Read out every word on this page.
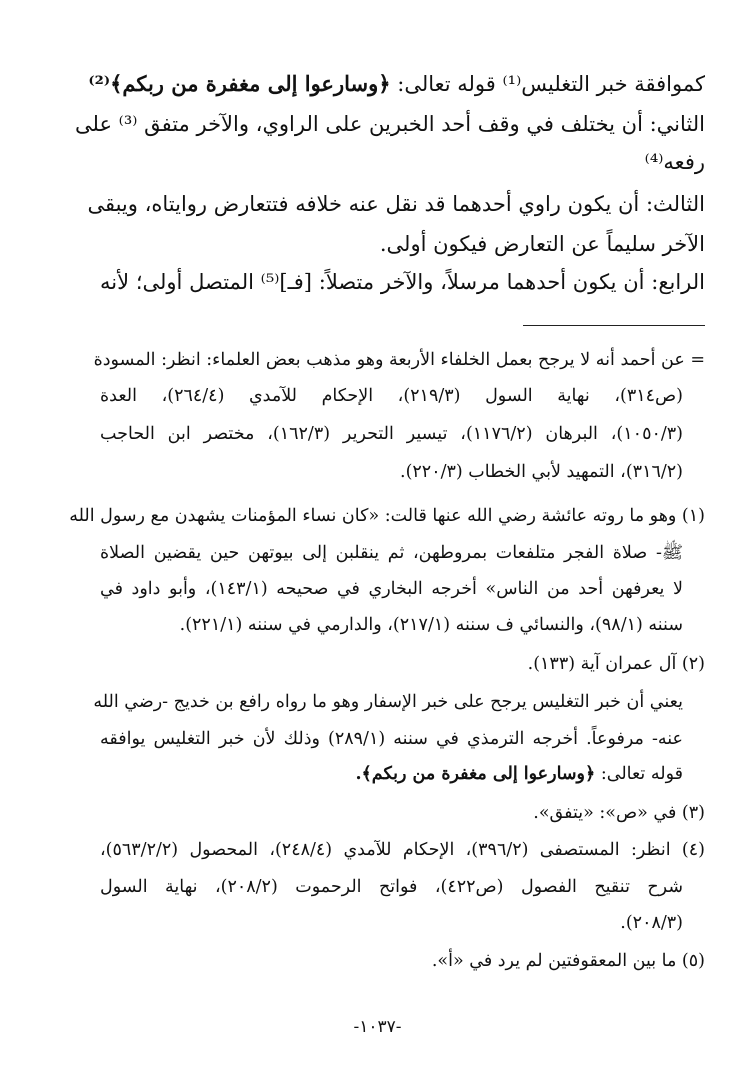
كموافقة خبر التغليس⁽¹⁾ قوله تعالى: ﴿وسارعوا إلى مغفرة من ربكم﴾⁽²⁾
الثاني: أن يختلف في وقف أحد الخبرين على الراوي، والآخر متفق ⁽³⁾ على
رفعه⁽⁴⁾
الثالث: أن يكون راوي أحدهما قد نقل عنه خلافه فتتعارض روايتاه، ويبقى
الآخر سليماً عن التعارض فيكون أولى.
الرابع: أن يكون أحدهما مرسلاً، والآخر متصلاً: [فـ]⁽⁵⁾ المتصل أولى؛ لأنه
= عن أحمد أنه لا يرجح بعمل الخلفاء الأربعة وهو مذهب بعض العلماء: انظر: المسودة
(ص٣١٤)، نهاية السول (٢١٩/٣)، الإحكام للآمدي (٢٦٤/٤)، العدة
(١٠٥٠/٣)، البرهان (١١٧٦/٢)، تيسير التحرير (١٦٢/٣)، مختصر ابن الحاجب
(٣١٦/٢)، التمهيد لأبي الخطاب (٢٢٠/٣).
(١) وهو ما روته عائشة رضي الله عنها قالت: «كان نساء المؤمنات يشهدن مع رسول الله
ﷺ- صلاة الفجر متلفعات بمروطهن، ثم ينقلبن إلى بيوتهن حين يقضين الصلاة
لا يعرفهن أحد من الناس» أخرجه البخاري في صحيحه (١٤٣/١)، وأبو داود في
سننه (٩٨/١)، والنسائي ف سننه (٢١٧/١)، والدارمي في سننه (٢٢١/١).
(٢) آل عمران آية (١٣٣).
يعني أن خبر التغليس يرجح على خبر الإسفار وهو ما رواه رافع بن خديج -رضي الله
عنه- مرفوعاً. أخرجه الترمذي في سننه (٢٨٩/١) وذلك لأن خبر التغليس يوافقه
قوله تعالى: ﴿وسارعوا إلى مغفرة من ربكم﴾.
(٣) في «ص»: «يتفق».
(٤) انظر: المستصفى (٣٩٦/٢)، الإحكام للآمدي (٢٤٨/٤)، المحصول (٥٦٣/٢/٢)،
شرح تنقيح الفصول (ص٤٢٢)، فواتح الرحموت (٢٠٨/٢)، نهاية السول
(٢٠٨/٣).
(٥) ما بين المعقوفتين لم يرد في «أ».
-١٠٣٧-
